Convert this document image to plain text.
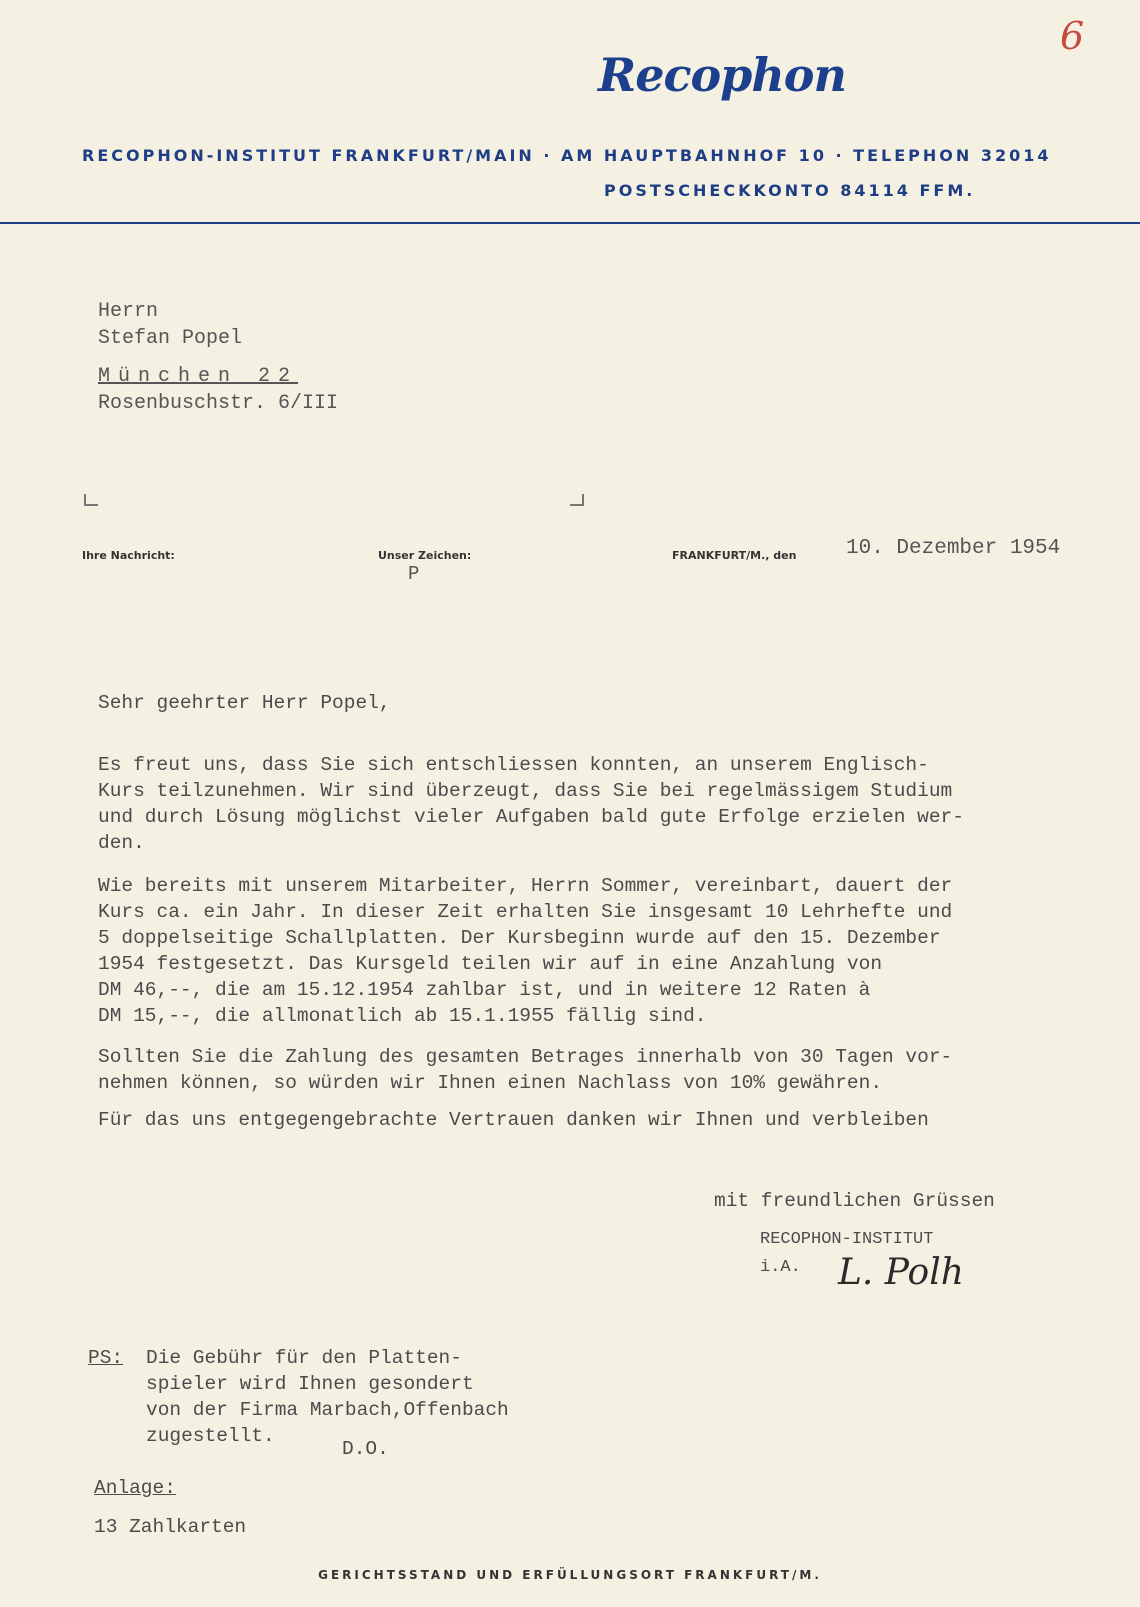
6
Recophon
RECOPHON-INSTITUT FRANKFURT/MAIN · AM HAUPTBAHNHOF 10 · TELEPHON 32014
POSTSCHECKKONTO 84114 FFM.
Herrn
Stefan Popel
München 22
Rosenbuschstr. 6/III
Ihre Nachricht:	Unser Zeichen:
P
FRANKFURT/M., den 10. Dezember 1954
Sehr geehrter Herr Popel,
Es freut uns, dass Sie sich entschliessen konnten, an unserem Englisch-
Kurs teilzunehmen. Wir sind überzeugt, dass Sie bei regelmässigem Studium
und durch Lösung möglichst vieler Aufgaben bald gute Erfolge erzielen wer-
den.
Wie bereits mit unserem Mitarbeiter, Herrn Sommer, vereinbart, dauert der
Kurs ca. ein Jahr. In dieser Zeit erhalten Sie insgesamt 10 Lehrhefte und
5 doppelseitige Schallplatten. Der Kursbeginn wurde auf den 15. Dezember
1954 festgesetzt. Das Kursgeld teilen wir auf in eine Anzahlung von
DM 46,--, die am 15.12.1954 zahlbar ist, und in weitere 12 Raten à
DM 15,--, die allmonatlich ab 15.1.1955 fällig sind.
Sollten Sie die Zahlung des gesamten Betrages innerhalb von 30 Tagen vor-
nehmen können, so würden wir Ihnen einen Nachlass von 10% gewähren.
Für das uns entgegengebrachte Vertrauen danken wir Ihnen und verbleiben
mit freundlichen Grüssen
RECOPHON-INSTITUT
i.A. L. Polh
PS: Die Gebühr für den Platten-
spieler wird Ihnen gesondert
von der Firma Marbach,Offenbach
zugestellt.
D.O.
Anlage:
13 Zahlkarten
GERICHTSSTAND UND ERFÜLLUNGSORT FRANKFURT/M.
